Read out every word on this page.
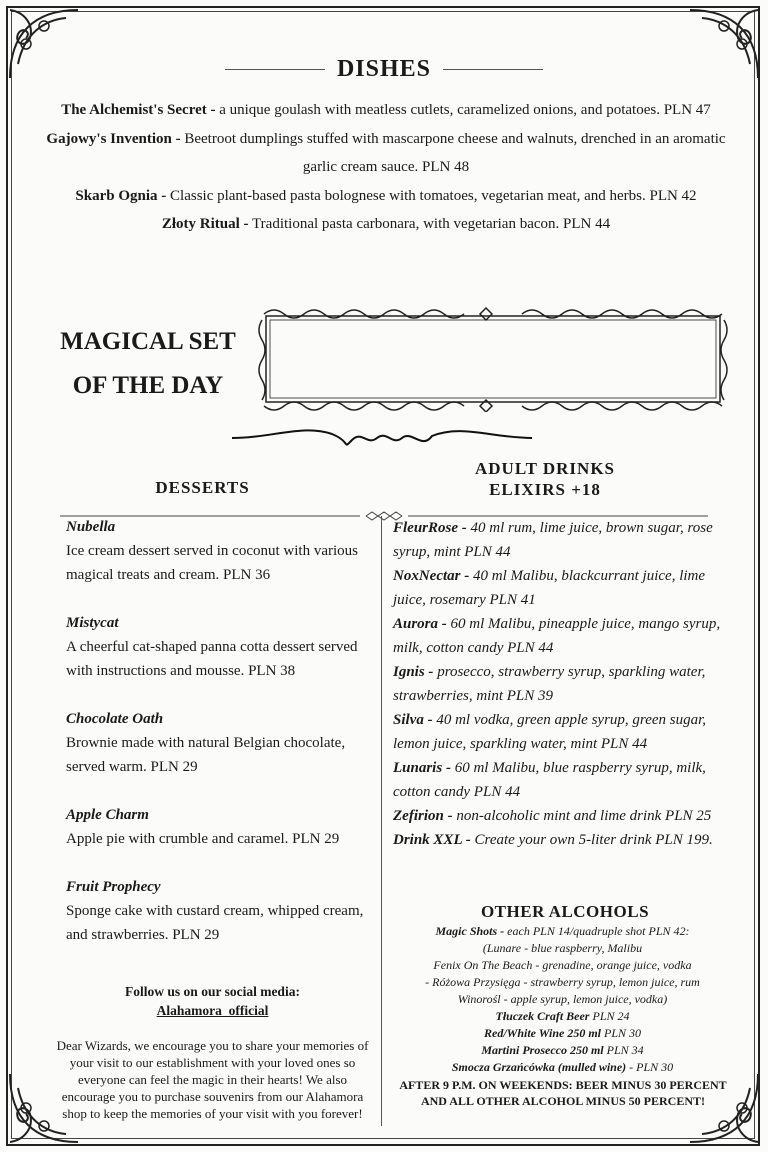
DISHES

The Alchemist's Secret - a unique goulash with meatless cutlets, caramelized onions, and potatoes. PLN 47

Gajowy's Invention - Beetroot dumplings stuffed with mascarpone cheese and walnuts, drenched in an aromatic garlic cream sauce. PLN 48

Skarb Ognia - Classic plant-based pasta bolognese with tomatoes, vegetarian meat, and herbs. PLN 42

Złoty Ritual - Traditional pasta carbonara, with vegetarian bacon. PLN 44

MAGICAL SET
OF THE DAY
DESSERTS
ADULT DRINKS
ELIXIRS +18
Nubella
Ice cream dessert served in coconut with various magical treats and cream. PLN 36
Mistycat
A cheerful cat-shaped panna cotta dessert served with instructions and mousse. PLN 38
Chocolate Oath
Brownie made with natural Belgian chocolate, served warm. PLN 29
Apple Charm
Apple pie with crumble and caramel. PLN 29
Fruit Prophecy
Sponge cake with custard cream, whipped cream, and strawberries. PLN 29

FleurRose - 40 ml rum, lime juice, brown sugar, rose syrup, mint PLN 44

NoxNectar - 40 ml Malibu, blackcurrant juice, lime juice, rosemary PLN 41

Aurora - 60 ml Malibu, pineapple juice, mango syrup, milk, cotton candy PLN 44

Ignis - prosecco, strawberry syrup, sparkling water, strawberries, mint PLN 39

Silva - 40 ml vodka, green apple syrup, green sugar, lemon juice, sparkling water, mint PLN 44

Lunaris - 60 ml Malibu, blue raspberry syrup, milk, cotton candy PLN 44

Zefirion - non-alcoholic mint and lime drink PLN 25

Drink XXL - Create your own 5-liter drink PLN 199.

OTHER ALCOHOLS

Magic Shots - each PLN 14/quadruple shot PLN 42:

(Lunare - blue raspberry, Malibu

Fenix On The Beach - grenadine, orange juice, vodka

- Różowa Przysięga - strawberry syrup, lemon juice, rum

Winorośl - apple syrup, lemon juice, vodka)

Tłuczek Craft Beer PLN 24

Red/White Wine 250 ml PLN 30

Martini Prosecco 250 ml PLN 34

Smocza Grzańcówka (mulled wine) - PLN 30

AFTER 9 P.M. ON WEEKENDS: BEER MINUS 30 PERCENT AND ALL OTHER ALCOHOL MINUS 50 PERCENT!
Follow us on our social media:
Alahamora_official
Dear Wizards, we encourage you to share your memories of your visit to our establishment with your loved ones so everyone can feel the magic in their hearts! We also encourage you to purchase souvenirs from our Alahamora shop to keep the memories of your visit with you forever!
